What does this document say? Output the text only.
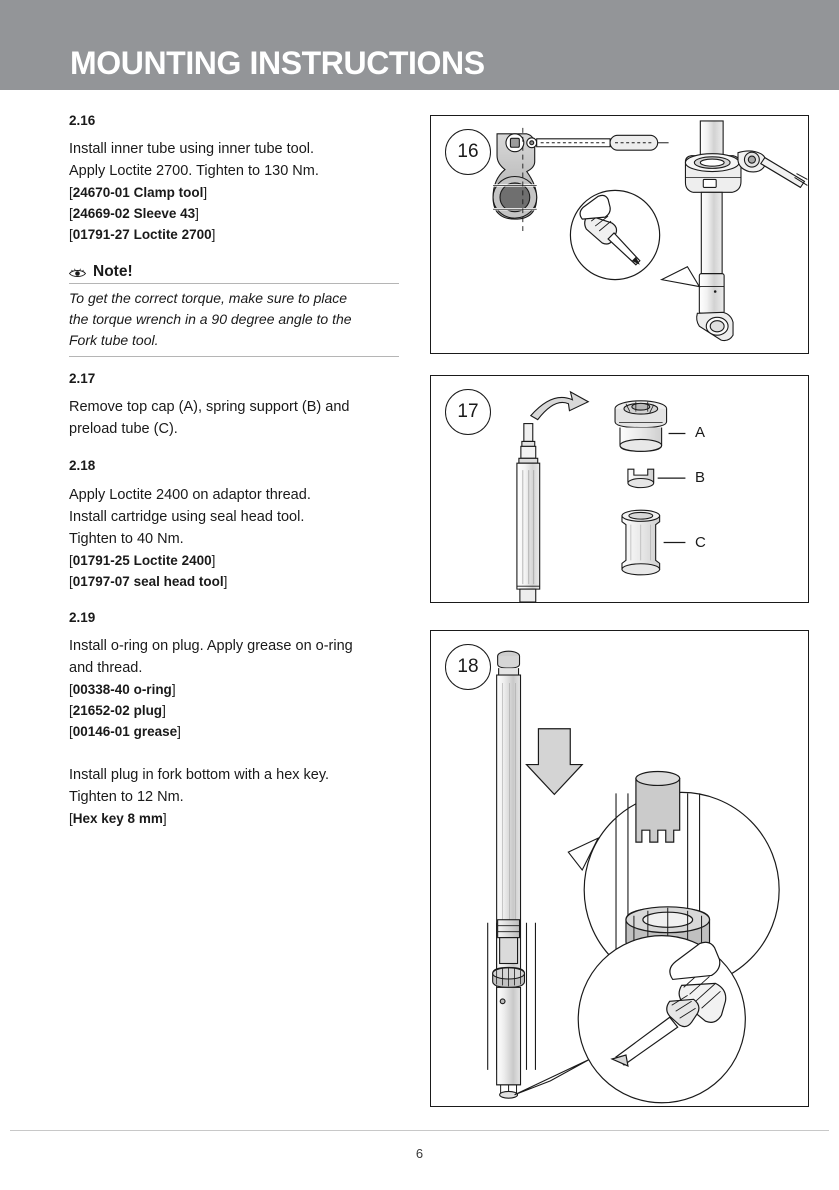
MOUNTING INSTRUCTIONS
2.16

Install inner tube using inner tube tool.

Apply Loctite 2700. Tighten to 130 Nm.

[24670-01 Clamp tool]

[24669-02 Sleeve 43]

[01791-27 Loctite 2700]

Note!
To get the correct torque, make sure to place
the torque wrench in a 90 degree angle to the
Fork tube tool.
2.17

Remove top cap (A), spring support (B) and

preload tube (C).

2.18

Apply Loctite 2400 on adaptor thread.

Install cartridge using seal head tool.

Tighten to 40 Nm.

[01791-25 Loctite 2400]

[01797-07 seal head tool]

2.19

Install o-ring on plug. Apply grease on o-ring

and thread.

[00338-40 o-ring]

[21652-02 plug]

[00146-01 grease]

Install plug in fork bottom with a hex key.

Tighten to 12 Nm.

[Hex key 8 mm]

16
17
A
B
C
18
6
